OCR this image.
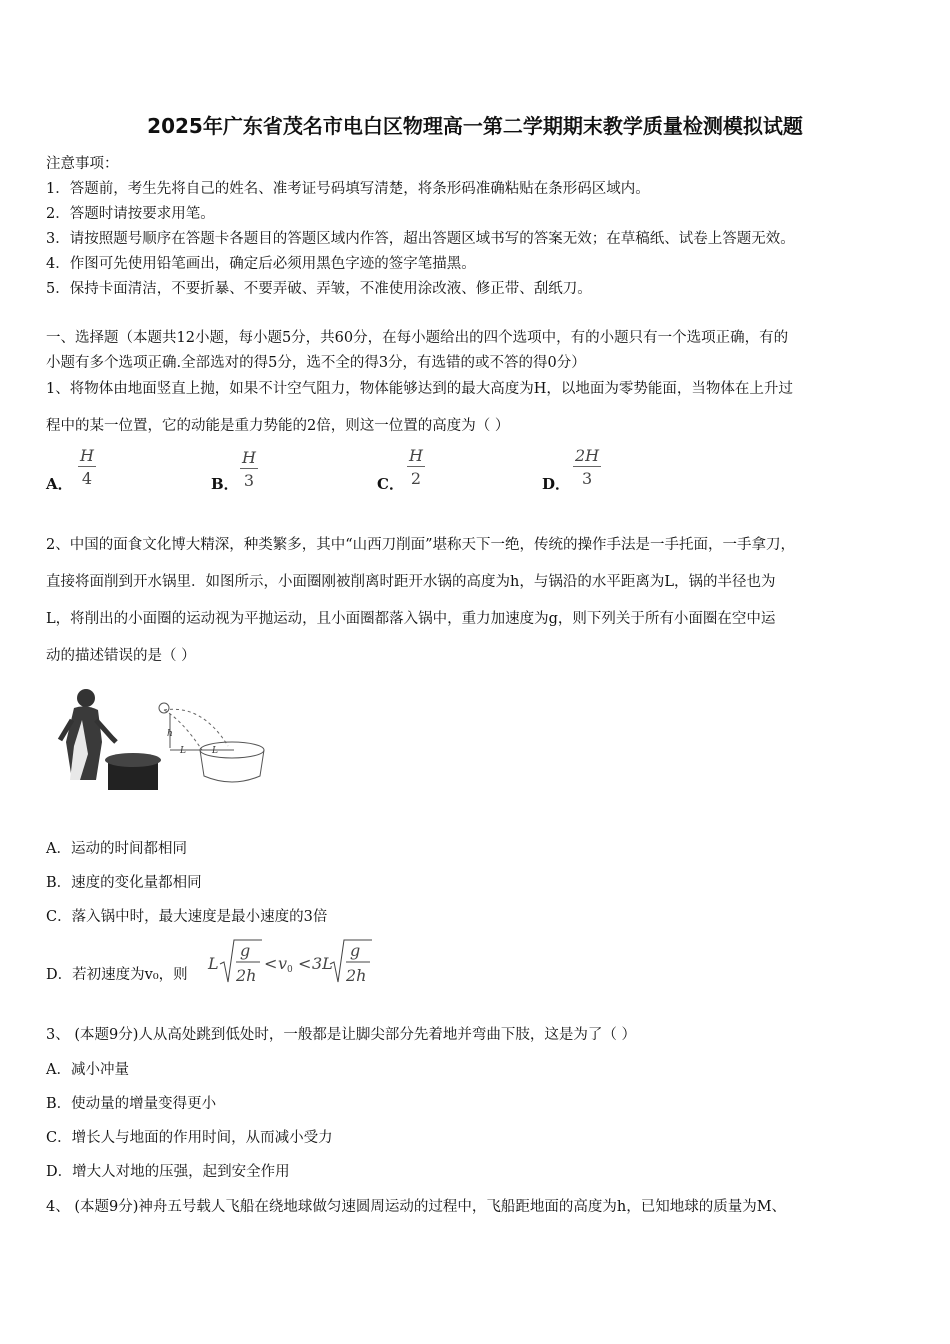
2025年广东省茂名市电白区物理高一第二学期期末教学质量检测模拟试题
注意事项：
1．答题前，考生先将自己的姓名、准考证号码填写清楚，将条形码准确粘贴在条形码区域内。
2．答题时请按要求用笔。
3．请按照题号顺序在答题卡各题目的答题区域内作答，超出答题区域书写的答案无效；在草稿纸、试卷上答题无效。
4．作图可先使用铅笔画出，确定后必须用黑色字迹的签字笔描黑。
5．保持卡面清洁，不要折暴、不要弄破、弄皱，不准使用涂改液、修正带、刮纸刀。
一、选择题（本题共12小题，每小题5分，共60分，在每小题给出的四个选项中，有的小题只有一个选项正确，有的
小题有多个选项正确.全部选对的得5分，选不全的得3分，有选错的或不答的得0分）
1、将物体由地面竖直上抛，如果不计空气阻力，物体能够达到的最大高度为H，以地面为零势能面，当物体在上升过
程中的某一位置，它的动能是重力势能的2倍，则这一位置的高度为（ ）
A． $\frac{H}{4}$	B． $\frac{H}{3}$	C． $\frac{H}{2}$	D． $\frac{2H}{3}$
2、中国的面食文化博大精深，种类繁多，其中“山西刀削面”堪称天下一绝，传统的操作手法是一手托面，一手拿刀，
直接将面削到开水锅里．如图所示，小面圈刚被削离时距开水锅的高度为h，与锅沿的水平距离为L，锅的半径也为
L，将削出的小面圈的运动视为平抛运动，且小面圈都落入锅中，重力加速度为g，则下列关于所有小面圈在空中运
动的描述错误的是（ ）
h
L	L
A．运动的时间都相同
B．速度的变化量都相同
C．落入锅中时，最大速度是最小速度的3倍
D．若初速度为v₀，则
L
g
2h
< v 0 < 3L
g
2h
3、 (本题9分)人从高处跳到低处时，一般都是让脚尖部分先着地并弯曲下肢，这是为了（ ）
A．减小冲量
B．使动量的增量变得更小
C．增长人与地面的作用时间，从而减小受力
D．增大人对地的压强，起到安全作用
4、 (本题9分)神舟五号载人飞船在绕地球做匀速圆周运动的过程中，飞船距地面的高度为h，已知地球的质量为M、
